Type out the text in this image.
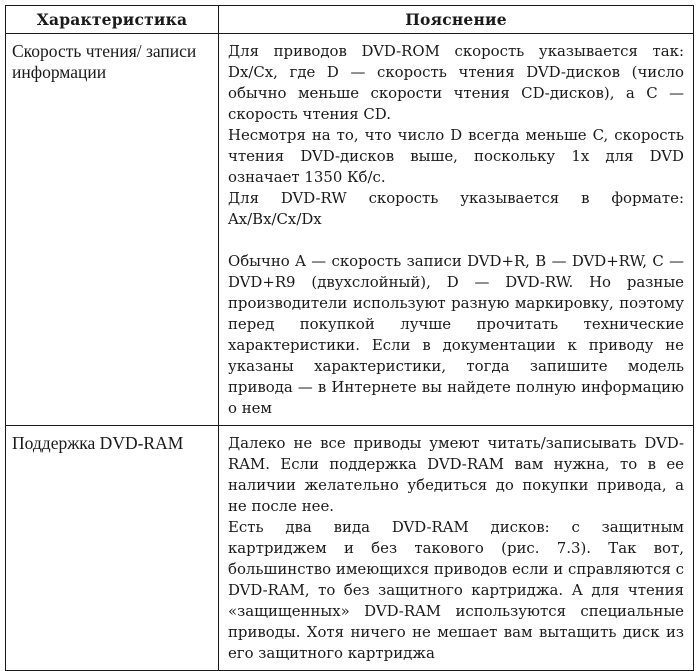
Характеристика	Пояснение
Скорость чтения/ записи информации	Для приводов DVD-ROM скорость указывается так: Dx/Cx, где D — скорость чтения DVD-дисков (число обычно меньше скорости чтения CD-дисков), а C — скорость чтения CD.
Несмотря на то, что число D всегда меньше C, скорость чтения DVD-дисков выше, поскольку 1x для DVD означает 1350 Кб/с.
Для DVD-RW скорость указывается в формате: Ax/Bx/Cx/Dx
Обычно A — скорость записи DVD+R, B — DVD+RW, C — DVD+R9 (двухслойный), D — DVD-RW. Но разные производители используют разную маркировку, поэтому перед покупкой лучше прочитать технические характеристики. Если в документации к приводу не указаны характеристики, тогда запишите модель привода — в Интернете вы найдете полную информацию о нем

Поддержка DVD-RAM	Далеко не все приводы умеют читать/записывать DVD-RAM. Если поддержка DVD-RAM вам нужна, то в ее наличии желательно убедиться до покупки привода, а не после нее.
Есть два вида DVD-RAM дисков: с защитным картриджем и без такового (рис. 7.3). Так вот, большинство имеющихся приводов если и справляются с DVD-RAM, то без защитного картриджа. А для чтения «защищенных» DVD-RAM используются специальные приводы. Хотя ничего не мешает вам вытащить диск из его защитного картриджа
